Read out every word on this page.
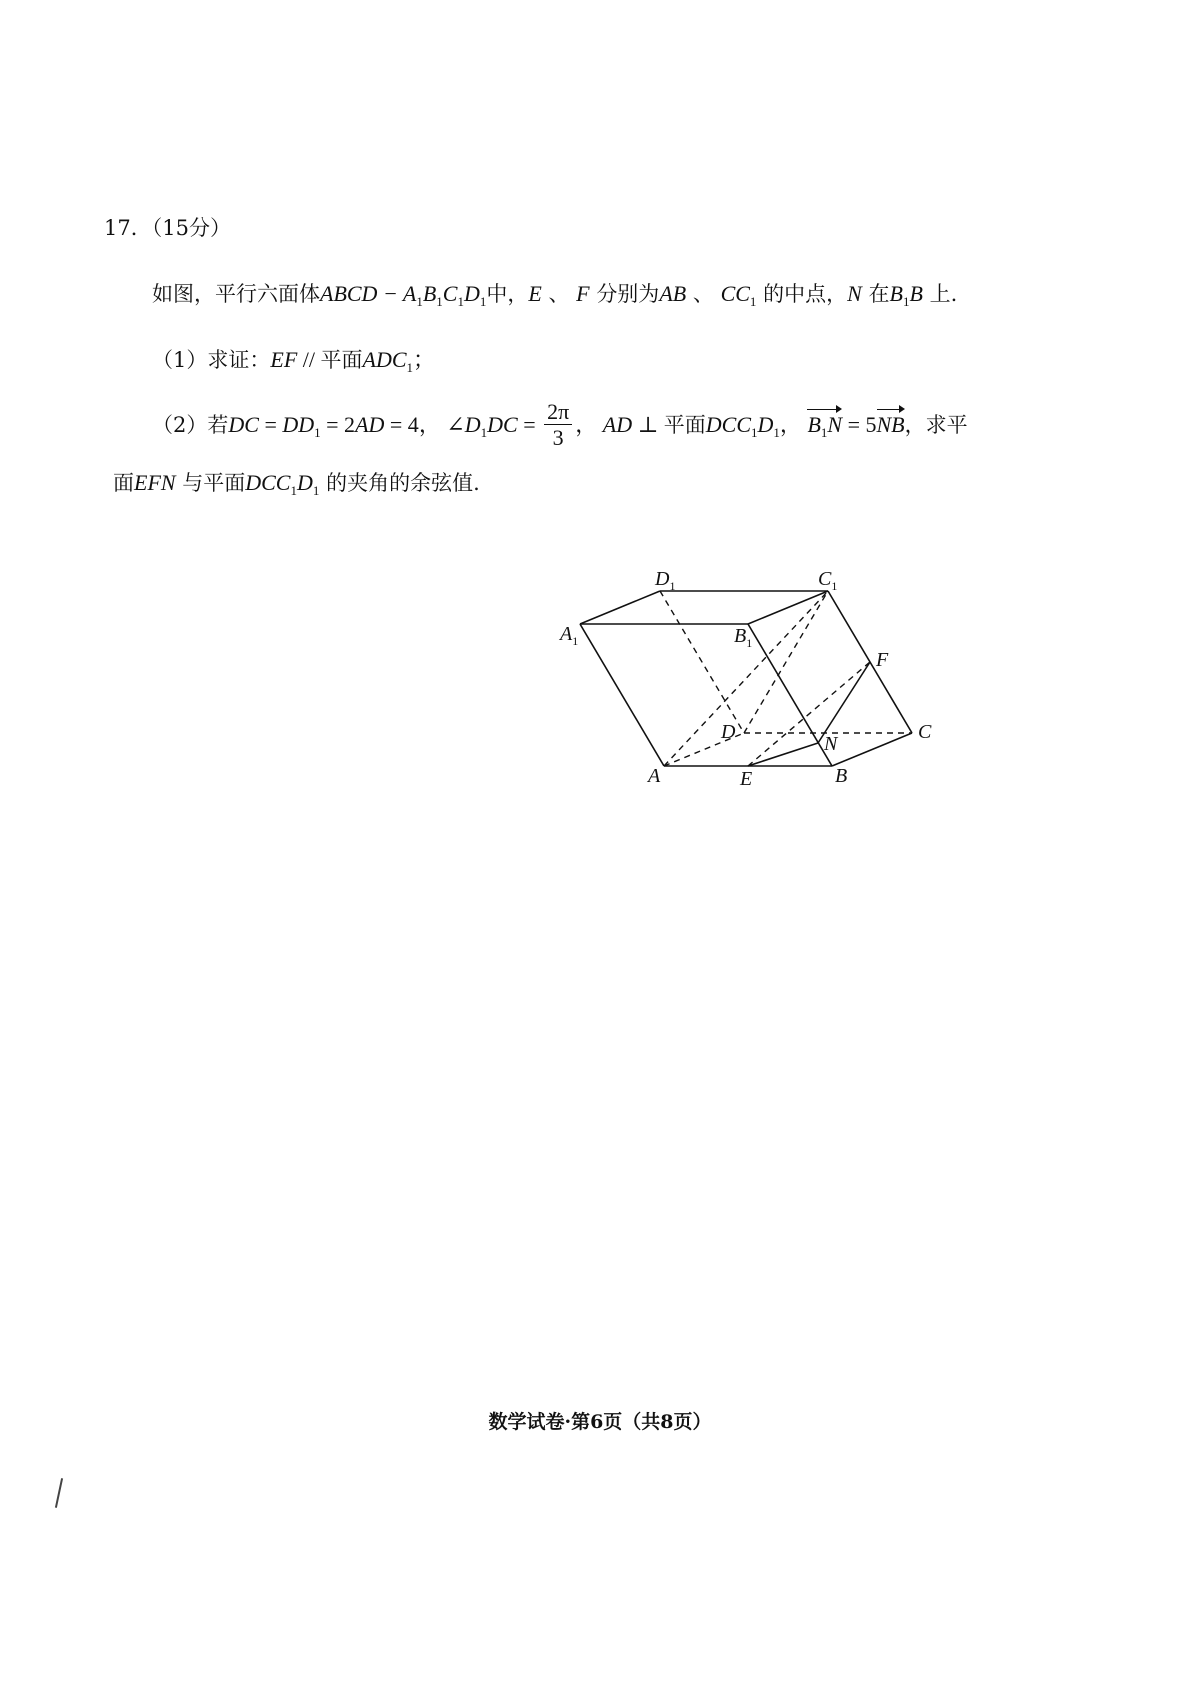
17．（15分）
如图，平行六面体ABCD − $A_1B_1C_1D_1$中，E 、 F 分别为AB 、 $CC_1$ 的中点，N 在$B_1B$ 上.
（1）求证：EF // 平面$ADC_1$；
（2）若DC = $DD_1 = 2AD = 4$， $\angle D_1DC = \frac{2\pi}{3}$ ， AD ⊥ 平面$DCC_1D_1$， $B_1N = 5NB$，求平
面EFN 与平面$DCC_1D_1$ 的夹角的余弦值.
$D_1$	$C_1$
$A_1$	$B_1$
F
D	C
N
A	E	B
数学试卷·第6页（共8页）
